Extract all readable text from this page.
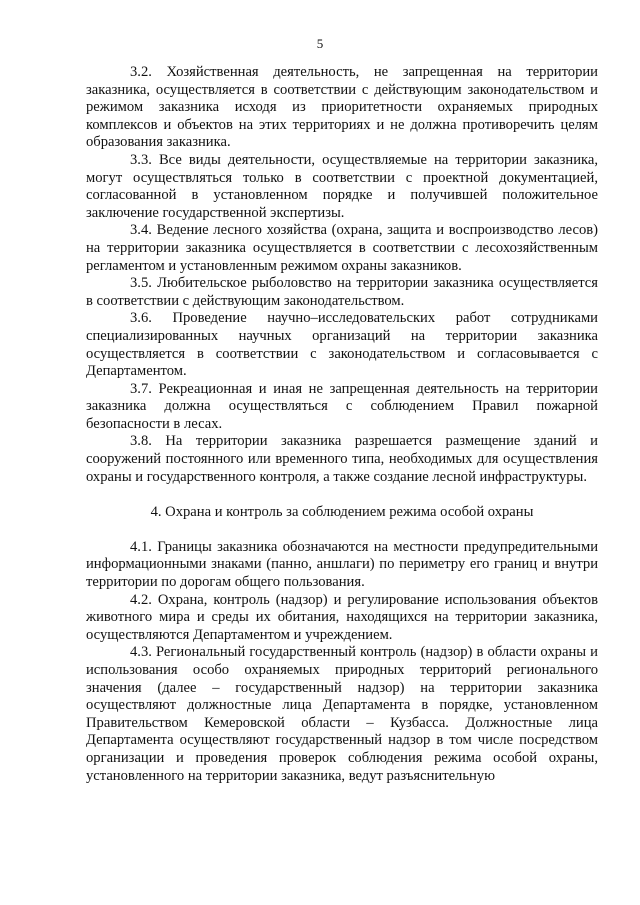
5

3.2. Хозяйственная деятельность, не запрещенная на территории заказника, осуществляется в соответствии с действующим законодательством и режимом заказника исходя из приоритетности охраняемых природных комплексов и объектов на этих территориях и не должна противоречить целям образования заказника.

3.3. Все виды деятельности, осуществляемые на территории заказника, могут осуществляться только в соответствии с проектной документацией, согласованной в установленном порядке и получившей положительное заключение государственной экспертизы.

3.4. Ведение лесного хозяйства (охрана, защита и воспроизводство лесов) на территории заказника осуществляется в соответствии с лесохозяйственным регламентом и установленным режимом охраны заказников.

3.5. Любительское рыболовство на территории заказника осуществляется в соответствии с действующим законодательством.

3.6. Проведение научно–исследовательских работ сотрудниками специализированных научных организаций на территории заказника осуществляется в соответствии с законодательством и согласовывается с Департаментом.

3.7. Рекреационная и иная не запрещенная деятельность на территории заказника должна осуществляться с соблюдением Правил пожарной безопасности в лесах.

3.8. На территории заказника разрешается размещение зданий и сооружений постоянного или временного типа, необходимых для осуществления охраны и государственного контроля, а также создание лесной инфраструктуры.

4. Охрана и контроль за соблюдением режима особой охраны

4.1. Границы заказника обозначаются на местности предупредительными информационными знаками (панно, аншлаги) по периметру его границ и внутри территории по дорогам общего пользования.

4.2. Охрана, контроль (надзор) и регулирование использования объектов животного мира и среды их обитания, находящихся на территории заказника, осуществляются Департаментом и учреждением.

4.3. Региональный государственный контроль (надзор) в области охраны и использования особо охраняемых природных территорий регионального значения (далее – государственный надзор) на территории заказника осуществляют должностные лица Департамента в порядке, установленном Правительством Кемеровской области – Кузбасса. Должностные лица Департамента осуществляют государственный надзор в том числе посредством организации и проведения проверок соблюдения режима особой охраны, установленного на территории заказника, ведут разъяснительную
